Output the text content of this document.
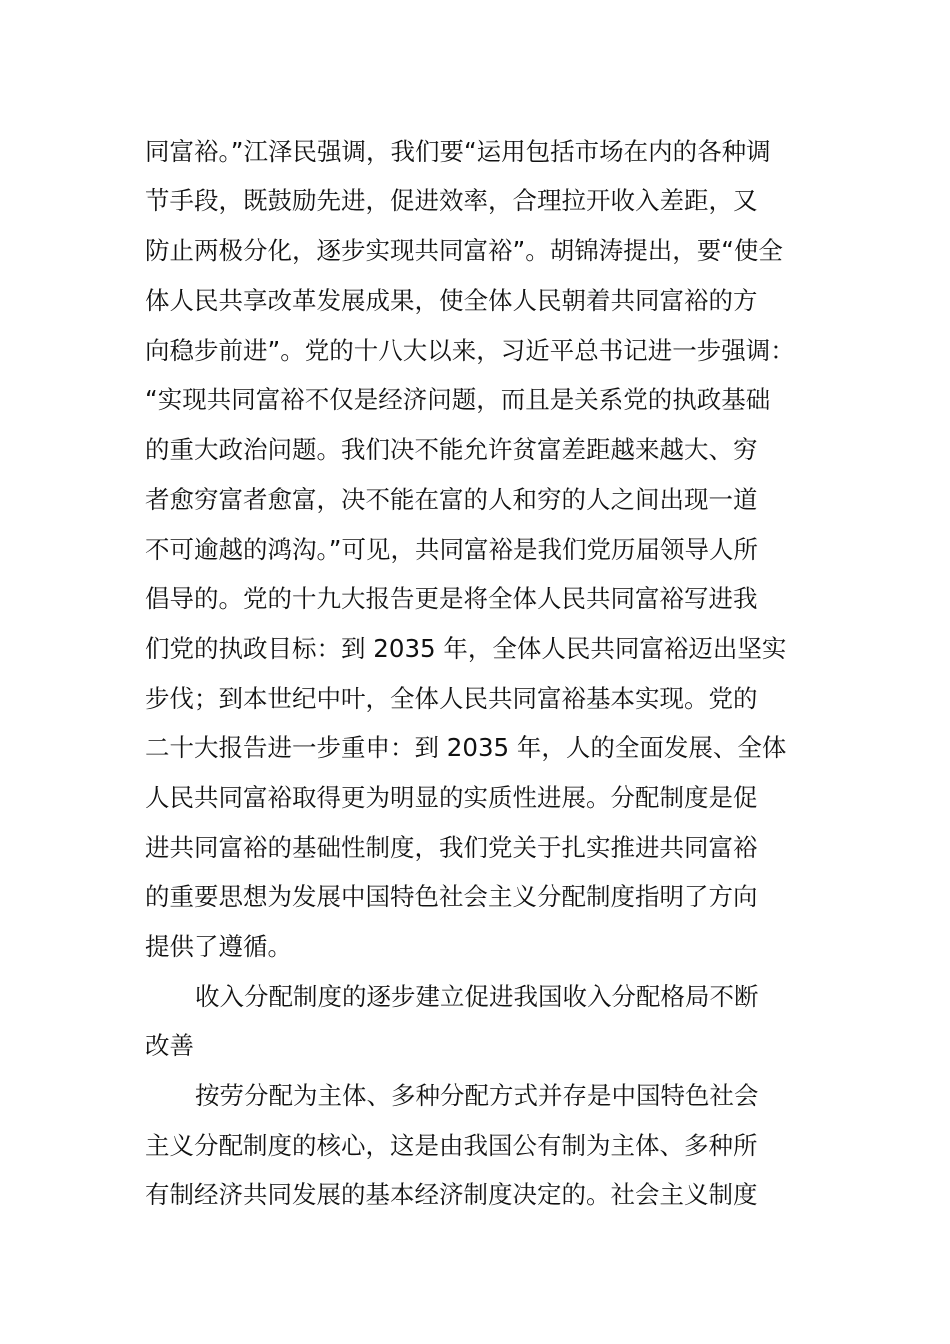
同富裕。”江泽民强调，我们要“运用包括市场在内的各种调
节手段，既鼓励先进，促进效率，合理拉开收入差距，又
防止两极分化，逐步实现共同富裕”。胡锦涛提出，要“使全
体人民共享改革发展成果，使全体人民朝着共同富裕的方
向稳步前进”。党的十八大以来，习近平总书记进一步强调：
“实现共同富裕不仅是经济问题，而且是关系党的执政基础
的重大政治问题。我们决不能允许贫富差距越来越大、穷
者愈穷富者愈富，决不能在富的人和穷的人之间出现一道
不可逾越的鸿沟。”可见，共同富裕是我们党历届领导人所
倡导的。党的十九大报告更是将全体人民共同富裕写进我
们党的执政目标：到 2035 年，全体人民共同富裕迈出坚实
步伐；到本世纪中叶，全体人民共同富裕基本实现。党的
二十大报告进一步重申：到 2035 年，人的全面发展、全体
人民共同富裕取得更为明显的实质性进展。分配制度是促
进共同富裕的基础性制度，我们党关于扎实推进共同富裕
的重要思想为发展中国特色社会主义分配制度指明了方向
提供了遵循。
收入分配制度的逐步建立促进我国收入分配格局不断
改善
按劳分配为主体、多种分配方式并存是中国特色社会
主义分配制度的核心，这是由我国公有制为主体、多种所
有制经济共同发展的基本经济制度决定的。社会主义制度
